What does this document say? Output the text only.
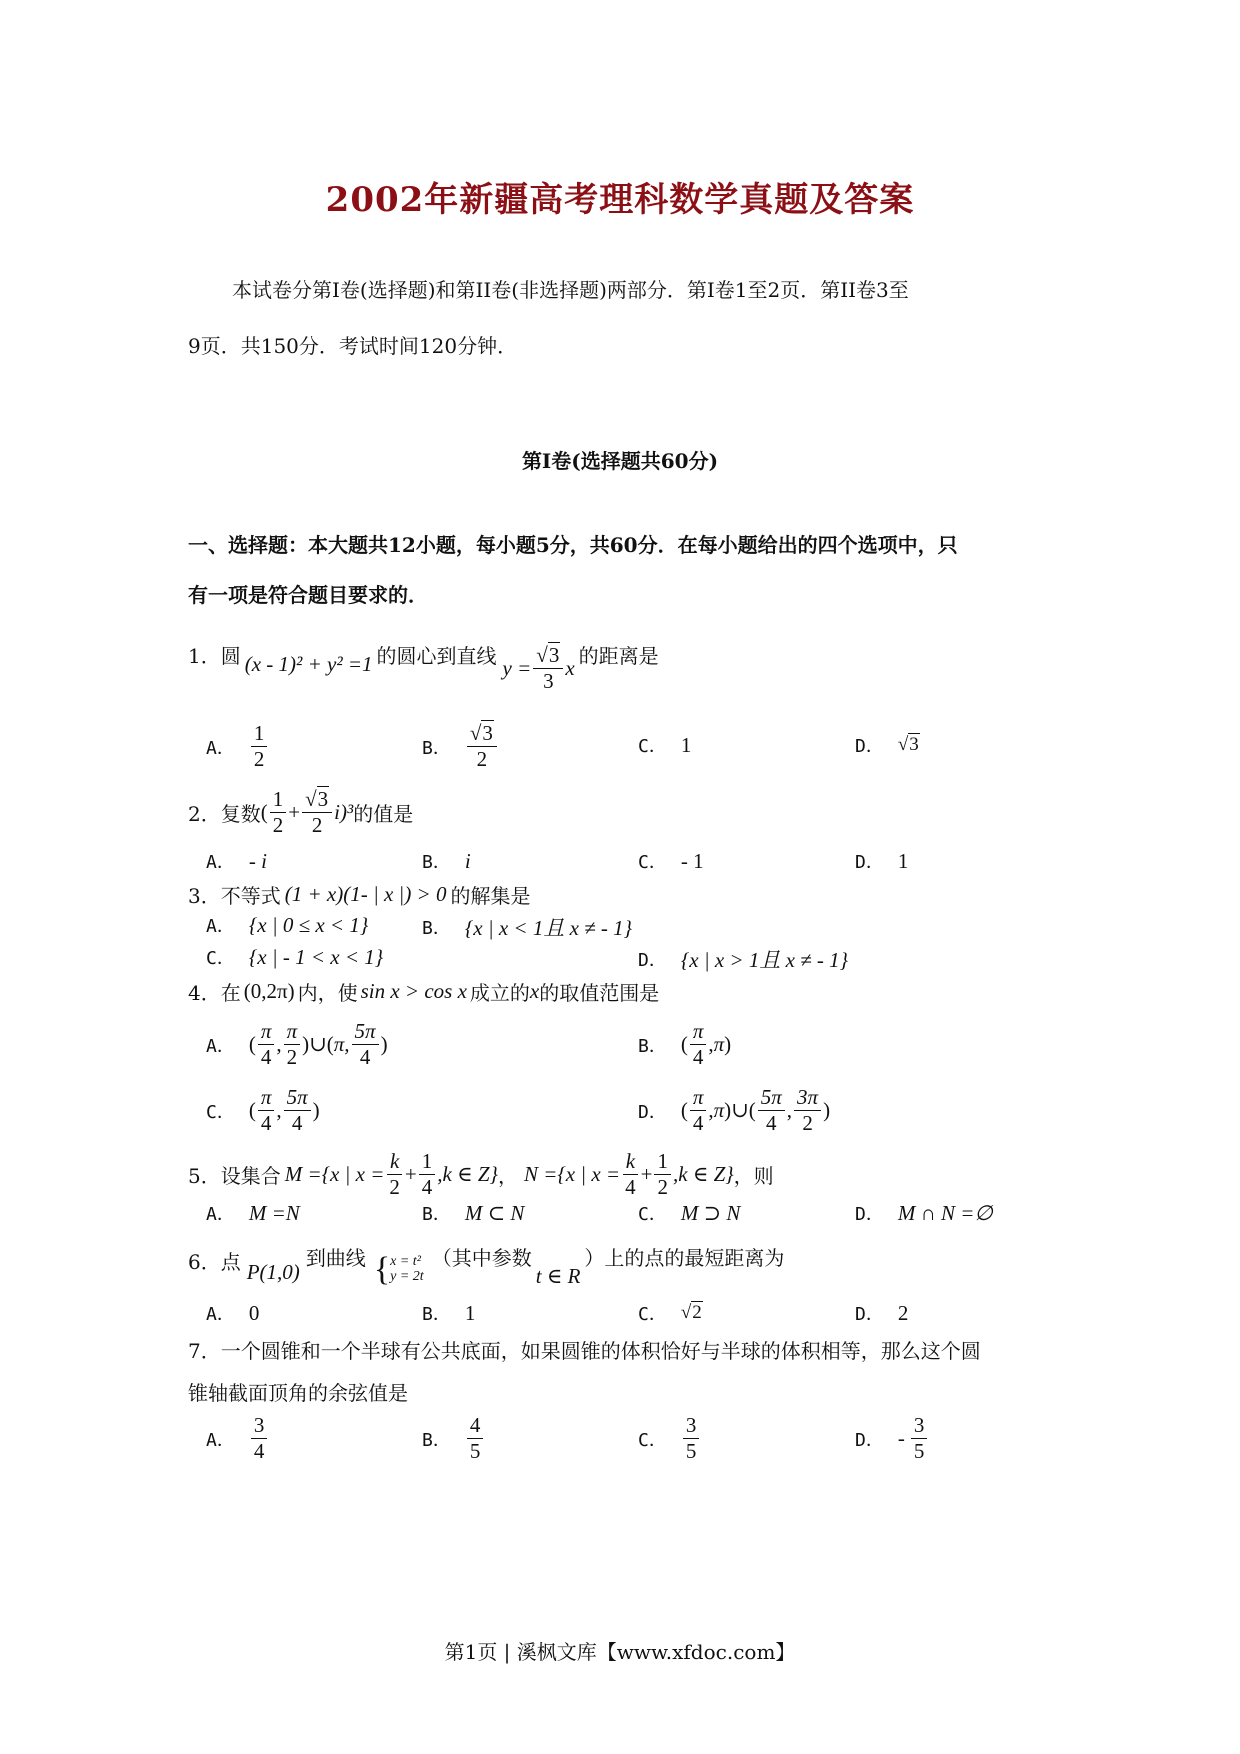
2002年新疆高考理科数学真题及答案

本试卷分第I卷(选择题)和第II卷(非选择题)两部分．第I卷1至2页．第II卷3至

9页．共150分．考试时间120分钟．

第I卷(选择题共60分)
一、选择题：本大题共12小题，每小题5分，共60分．在每小题给出的四个选项中，只
有一项是符合题目要求的．
1．圆 (x - 1)² + y² =1 的圆心到直线 $y = \frac{√3}{3}$ x 的距离是
A． $\frac{1}{2}$	B． $\frac{√3}{2}$	C． 1	D． √3
2．复数 ( $\frac{1}{2} + \frac{√3}{2} i)^3$ 的值是
A． - i	B． i	C． - 1	D． 1
3．不等式 (1 + x)(1- | x |) > 0 的解集是
A． {x | 0 ≤ x < 1}	B． {x | x < 1且 x ≠ - 1}
C． {x | - 1 < x < 1}	D． {x | x > 1且 x ≠ - 1}
4．在 (0,2π) 内，使 sin x > cos x 成立的 x 的取值范围是
A． ( $\frac{\pi}{4}$ , $\frac{\pi}{2}$ ) ∪ ( π, $\frac{5\pi}{4}$ )	B． ( $\frac{\pi}{4}$ , π )
C． ( $\frac{\pi}{4}$ , $\frac{5\pi}{4}$ )	D． ( $\frac{\pi}{4}$ , π ) ∪ ( $\frac{5\pi}{4}$ , $\frac{3\pi}{2}$ )
5．设集合 M ={x | $x = \frac{k}{2} + \frac{1}{4} ,k$ ∈ Z} ， N ={x | $x = \frac{k}{4} + \frac{1}{2} ,k$ ∈ Z} ，则
A． M =N	B． M ⊂ N	C． M ⊃ N	D． M ∩ N =∅
6．点 P(1,0)
到曲线 { x = t²
y = 2t
（其中参数
t ∈ R
）上的点的最短距离为
A． 0	B． 1	C． √2	D． 2
7．一个圆锥和一个半球有公共底面，如果圆锥的体积恰好与半球的体积相等，那么这个圆
锥轴截面顶角的余弦值是
A． $\frac{3}{4}$	B． $\frac{4}{5}$	C． $\frac{3}{5}$	D． - $\frac{3}{5}$
第1页 | 溪枫文库【www.xfdoc.com】
